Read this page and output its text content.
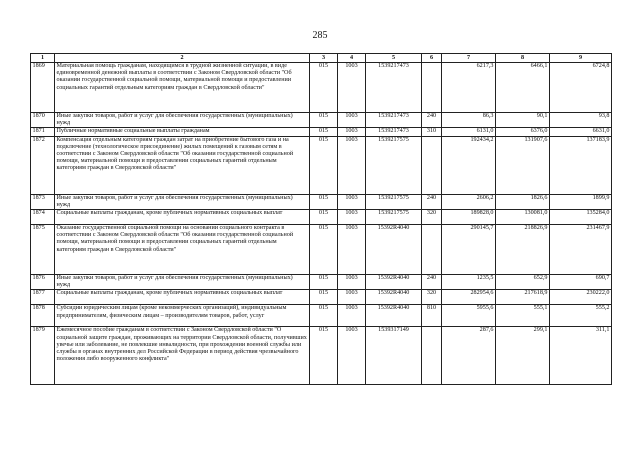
285
1	2	3	4	5	6	7	8	9
1869	Материальная помощь гражданам, находящимся в трудной жизненной ситуации, в виде единовременной денежной выплаты в соответствии с Законом Свердловской области "Об оказании государственной социальной помощи, материальной помощи и предоставлении социальных гарантий отдельным категориям граждан в Свердловской области"	015	1003	1539217473		6217,3	6466,1	6724,8
1870	Иные закупки товаров, работ и услуг для обеспечения государственных (муниципальных) нужд	015	1003	1539217473	240	86,3	90,1	93,8
1871	Публичные нормативные социальные выплаты гражданам	015	1003	1539217473	310	6131,0	6376,0	6631,0
1872	Компенсация отдельным категориям граждан затрат на приобретение бытового газа и на подключение (технологическое присоединение) жилых помещений к газовым сетям в соответствии с Законом Свердловской области "Об оказании государственной социальной помощи, материальной помощи и предоставлении социальных гарантий отдельным категориям граждан в Свердловской области"	015	1003	1539217575		192434,2	131907,6	137183,9
1873	Иные закупки товаров, работ и услуг для обеспечения государственных (муниципальных) нужд	015	1003	1539217575	240	2606,2	1826,6	1899,9
1874	Социальные выплаты гражданам, кроме публичных нормативных социальных выплат	015	1003	1539217575	320	189828,0	130081,0	135284,0
1875	Оказание государственной социальной помощи на основании социального контракта в соответствии с Законом Свердловской области "Об оказании государственной социальной помощи, материальной помощи и предоставлении социальных гарантий отдельным категориям граждан в Свердловской области"	015	1003	15392R4040		290145,7	218826,9	231467,9
1876	Иные закупки товаров, работ и услуг для обеспечения государственных (муниципальных) нужд	015	1003	15392R4040	240	1235,5	652,9	690,7
1877	Социальные выплаты гражданам, кроме публичных нормативных социальных выплат	015	1003	15392R4040	320	282954,6	217618,9	230222,0
1878	Субсидии юридическим лицам (кроме некоммерческих организаций), индивидуальным предпринимателям, физическим лицам – производителям товаров, работ, услуг	015	1003	15392R4040	810	5955,6	555,1	555,2
1879	Ежемесячное пособие гражданам в соответствии с Законом Свердловской области "О социальной защите граждан, проживающих на территории Свердловской области, получивших увечье или заболевание, не повлекшие инвалидности, при прохождении военной службы или службы в органах внутренних дел Российской Федерации в период действия чрезвычайного положения либо вооруженного конфликта"	015	1003	1539317149		287,6	299,1	311,1
